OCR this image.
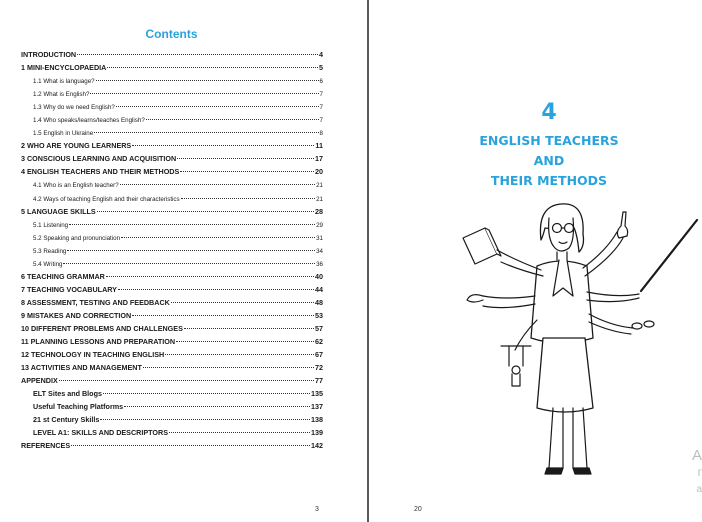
Contents
INTRODUCTION	4
1 MINI-ENCYCLOPAEDIA	5
1.1 What is language?	6
1.2 What is English?	7
1.3 Why do we need English?	7
1.4 Who speaks/learns/teaches English?	7
1.5 English in Ukraine	8
2 WHO ARE YOUNG LEARNERS	11
3 CONSCIOUS LEARNING AND ACQUISITION	17
4 ENGLISH TEACHERS AND THEIR METHODS	20
4.1 Who is an English teacher?	21
4.2 Ways of teaching English and their characteristics	21
5 LANGUAGE SKILLS	28
5.1 Listening	29
5.2 Speaking and pronunciation	31
5.3 Reading	34
5.4 Writing	36
6 TEACHING GRAMMAR	40
7 TEACHING VOCABULARY	44
8 ASSESSMENT, TESTING AND FEEDBACK	48
9 MISTAKES AND CORRECTION	53
10 DIFFERENT PROBLEMS AND CHALLENGES	57
11 PLANNING LESSONS AND PREPARATION	62
12 TECHNOLOGY IN TEACHING ENGLISH	67
13 ACTIVITIES AND MANAGEMENT	72
APPENDIX	77
ELT Sites and Blogs	135
Useful Teaching Platforms	137
21 st Century Skills	138
LEVEL A1: SKILLS AND DESCRIPTORS	139
REFERENCES	142
3
4
ENGLISH TEACHERS
AND
THEIR METHODS
20
A
г
a
